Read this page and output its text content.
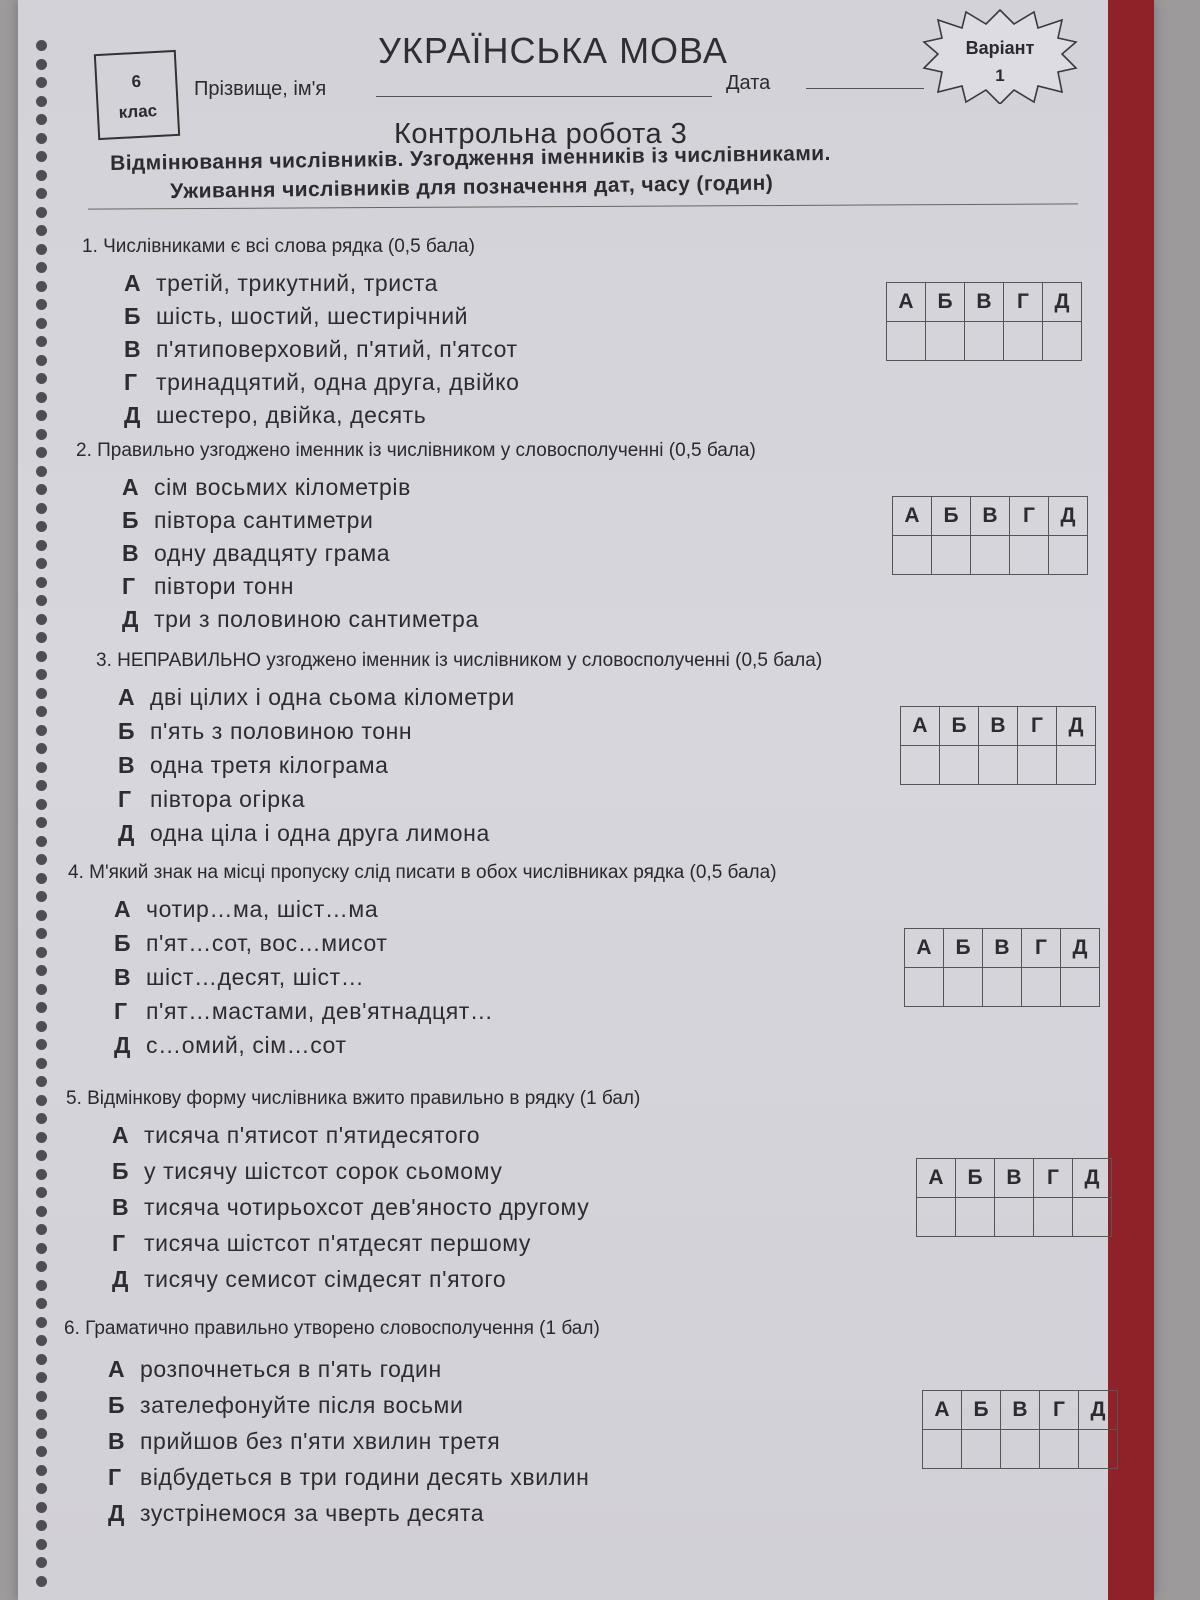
6
клас
УКРАЇНСЬКА МОВА
Прізвище, ім'я	Дата
Варіант
1
Контрольна робота 3
Відмінювання числівників. Узгодження іменників із числівниками.
Уживання числівників для позначення дат, часу (годин)
1. Числівниками є всі слова рядка (0,5 бала)
А третій, трикутний, триста
Б шість, шостий, шестирічний
В п'ятиповерховий, п'ятий, п'ятсот
Г тринадцятий, одна друга, двійко
Д шестеро, двійка, десять
А	Б	В	Г	Д

2. Правильно узгоджено іменник із числівником у словосполученні (0,5 бала)
А сім восьмих кілометрів
Б півтора сантиметри
В одну двадцяту грама
Г півтори тонн
Д три з половиною сантиметра
А	Б	В	Г	Д

3. НЕПРАВИЛЬНО узгоджено іменник із числівником у словосполученні (0,5 бала)
А дві цілих і одна сьома кілометри
Б п'ять з половиною тонн
В одна третя кілограма
Г півтора огірка
Д одна ціла і одна друга лимона
А	Б	В	Г	Д

4. М'який знак на місці пропуску слід писати в обох числівниках рядка (0,5 бала)
А чотир…ма, шіст…ма
Б п'ят…сот, вос…мисот
В шіст…десят, шіст…
Г п'ят…мастами, дев'ятнадцят…
Д с…омий, сім…сот
А	Б	В	Г	Д

5. Відмінкову форму числівника вжито правильно в рядку (1 бал)
А тисяча п'ятисот п'ятидесятого
Б у тисячу шістсот сорок сьомому
В тисяча чотирьохсот дев'яносто другому
Г тисяча шістсот п'ятдесят першому
Д тисячу семисот сімдесят п'ятого
А	Б	В	Г	Д

6. Граматично правильно утворено словосполучення (1 бал)
А розпочнеться в п'ять годин
Б зателефонуйте після восьми
В прийшов без п'яти хвилин третя
Г відбудеться в три години десять хвилин
Д зустрінемося за чверть десята
А	Б	В	Г	Д
